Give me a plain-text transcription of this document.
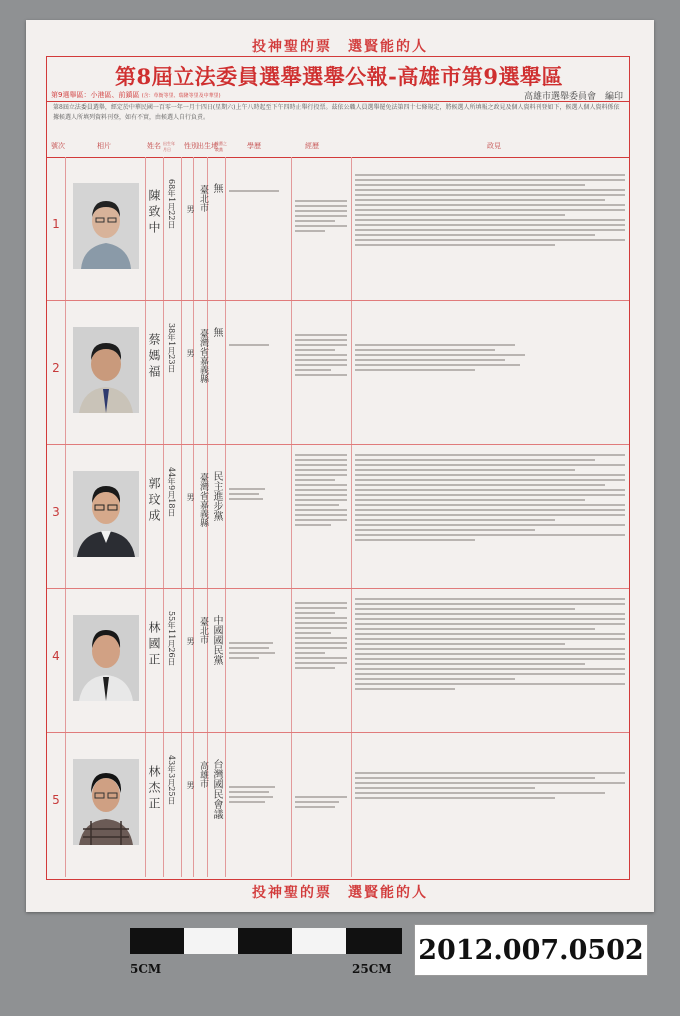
投神聖的票　選賢能的人
第8屆立法委員選舉選舉公報-高雄市第9選舉區
第9選舉區：小港區、前鎮區 (含：草衙等里、瑞隆等里及中華里)	高雄市選舉委員會　編印
第8屆立法委員選舉，經定於中華民國一百零一年一月十四日(星期六)上午八時起至下午四時止舉行投票。茲依公職人員選舉罷免法第四十七條規定，將候選人所填報之政見及個人資料刊登如下，候選人個人資料係依據候選人所填列資料刊登，如有不實，由候選人自行負責。
號次	相片	姓名 出生年月日	性別 出生地
推薦之政黨	學歷	經歷	政見
1	陳致中 68年1月22日 男 臺北市 無
2	蔡媽福 38年1月23日 男 臺灣省嘉義縣 無
3	郭玟成 44年9月18日 男 臺灣省嘉義縣 民主進步黨
4	林國正 55年11月26日 男 臺北市 中國國民黨
5	林杰正 43年3月25日 男 高雄市 台灣國民會議
投神聖的票　選賢能的人
5CM	25CM
2012.007.0502
